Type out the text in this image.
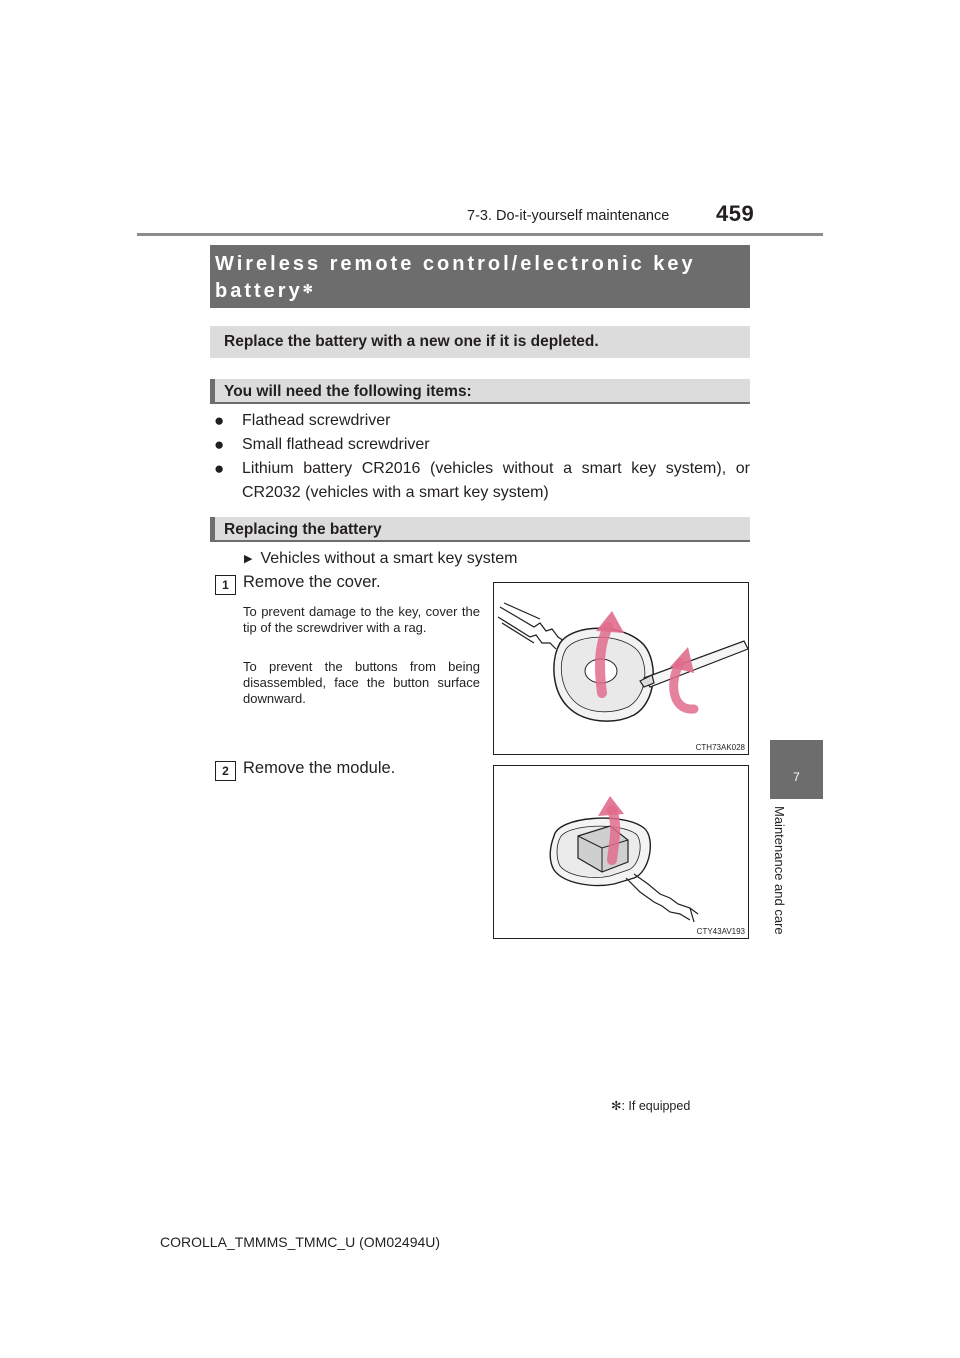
7-3. Do-it-yourself maintenance 459
7
Maintenance and care
Wireless remote control/electronic key
battery✻
Replace the battery with a new one if it is depleted.
You will need the following items:
●	Flathead screwdriver
●	Small flathead screwdriver
●	Lithium battery CR2016 (vehicles without a smart key system), or CR2032 (vehicles with a smart key system)
Replacing the battery
▶ Vehicles without a smart key system
1 Remove the cover.
To prevent damage to the key, cover the tip of the screwdriver with a rag.
To prevent the buttons from being disassembled, face the button surface downward.
CTH73AK028
2 Remove the module.
CTY43AV193
✻: If equipped
COROLLA_TMMMS_TMMC_U (OM02494U)
